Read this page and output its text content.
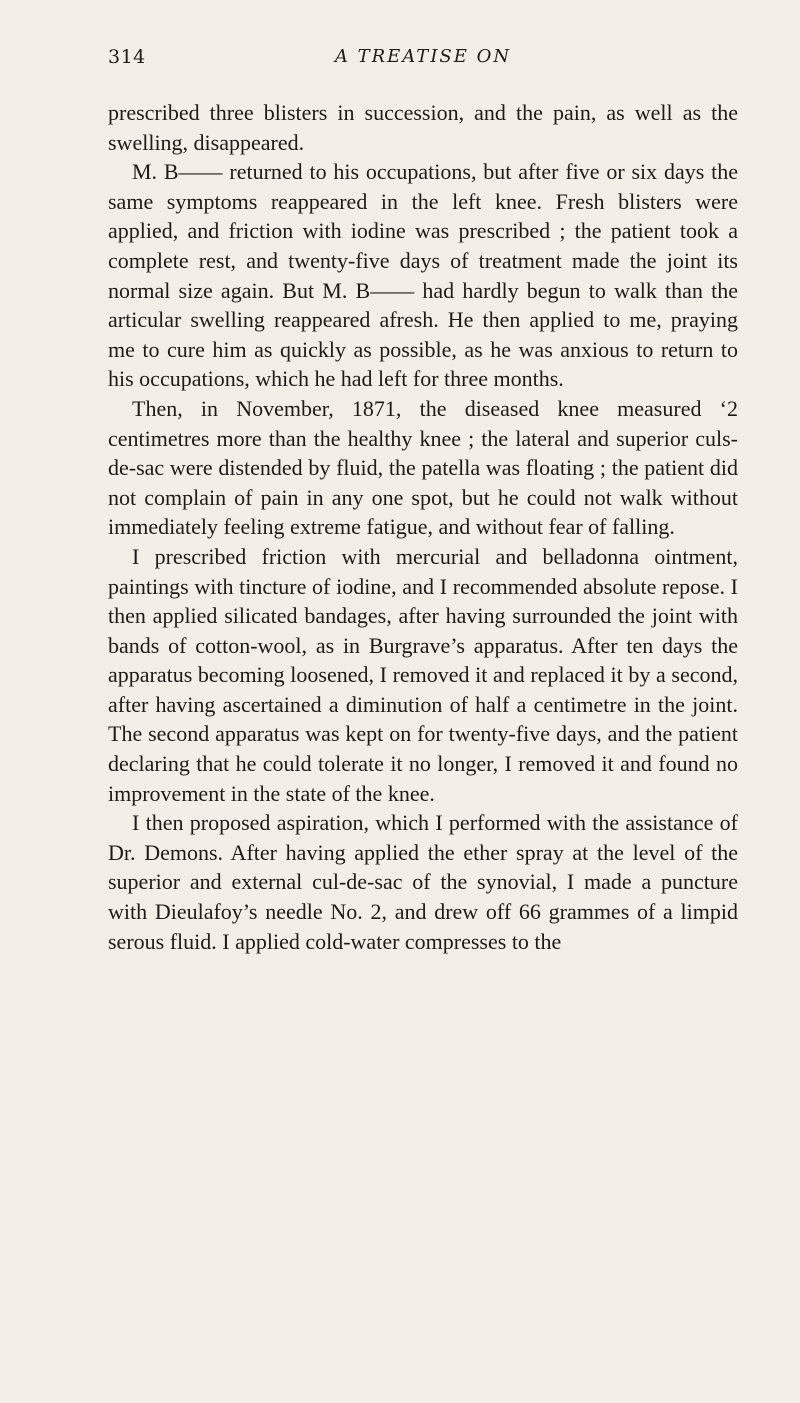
314	A TREATISE ON

prescribed three blisters in succession, and the pain, as well as the swelling, disappeared.

M. B—— returned to his occupations, but after five or six days the same symptoms reappeared in the left knee. Fresh blisters were applied, and friction with iodine was prescribed ; the patient took a complete rest, and twenty-five days of treatment made the joint its normal size again. But M. B—— had hardly begun to walk than the articular swelling reappeared afresh. He then applied to me, praying me to cure him as quickly as possible, as he was anxious to return to his occupations, which he had left for three months.

Then, in November, 1871, the diseased knee measured ‘2 centimetres more than the healthy knee ; the lateral and superior culs-de-sac were distended by fluid, the patella was floating ; the patient did not complain of pain in any one spot, but he could not walk without immediately feeling extreme fatigue, and without fear of falling.

I prescribed friction with mercurial and belladonna ointment, paintings with tincture of iodine, and I recommended absolute repose. I then applied silicated bandages, after having surrounded the joint with bands of cotton-wool, as in Burgrave’s apparatus. After ten days the apparatus becoming loosened, I removed it and replaced it by a second, after having ascertained a diminution of half a centimetre in the joint. The second apparatus was kept on for twenty-five days, and the patient declaring that he could tolerate it no longer, I removed it and found no improvement in the state of the knee.

I then proposed aspiration, which I performed with the assistance of Dr. Demons. After having applied the ether spray at the level of the superior and external cul-de-sac of the synovial, I made a puncture with Dieulafoy’s needle No. 2, and drew off 66 grammes of a limpid serous fluid. I applied cold-water compresses to the
